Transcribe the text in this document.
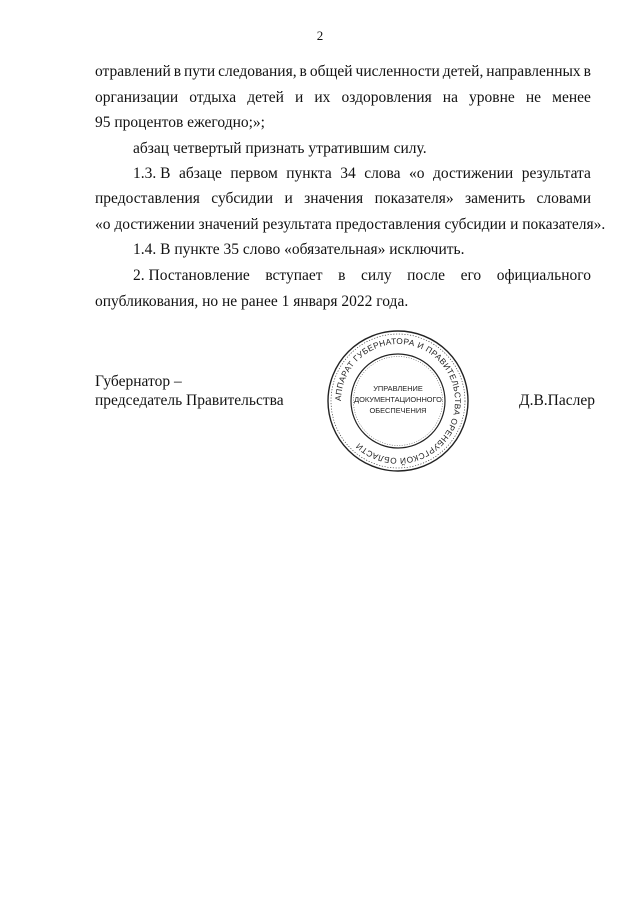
2
отравлений в пути следования, в общей численности детей, направленных в
организации отдыха детей и их оздоровления на уровне не менее
95 процентов ежегодно;»;
абзац четвертый признать утратившим силу.
1.3. В абзаце первом пункта 34 слова «о достижении результата
предоставления субсидии и значения показателя» заменить словами
«о достижении значений результата предоставления субсидии и показателя».
1.4. В пункте 35 слово «обязательная» исключить.
2. Постановление вступает в силу после его официального
опубликования, но не ранее 1 января 2022 года.
Губернатор –
председатель Правительства	Д.В.Паслер
АППАРАТ ГУБЕРНАТОРА И ПРАВИТЕЛЬСТВА ОРЕНБУРГСКОЙ ОБЛАСТИ
УПРАВЛЕНИЕ
ДОКУМЕНТАЦИОННОГО
ОБЕСПЕЧЕНИЯ
